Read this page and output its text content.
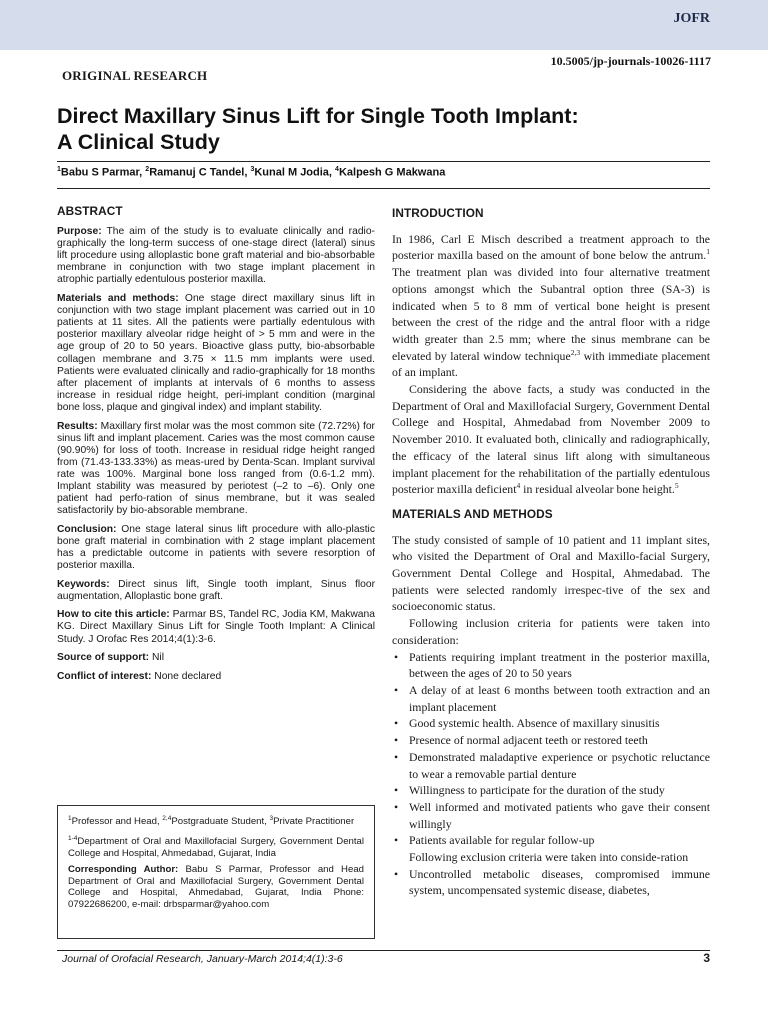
JOFR
10.5005/jp-journals-10026-1117
ORIGINAL RESEARCH
Direct Maxillary Sinus Lift for Single Tooth Implant:
A Clinical Study
$^1$Babu S Parmar, $^2$Ramanuj C Tandel, $^3$Kunal M Jodia, $^4$Kalpesh G Makwana
ABSTRACT

Purpose: The aim of the study is to evaluate clinically and radio-graphically the long-term success of one-stage direct (lateral) sinus lift procedure using alloplastic bone graft material and bio-absorbable membrane in conjunction with two stage implant placement in atrophic partially edentulous posterior maxilla.

Materials and methods: One stage direct maxillary sinus lift in conjunction with two stage implant placement was carried out in 10 patients at 11 sites. All the patients were partially edentulous with posterior maxillary alveolar ridge height of > 5 mm and were in the age group of 20 to 50 years. Bioactive glass putty, bio-absorbable collagen membrane and 3.75 × 11.5 mm implants were used. Patients were evaluated clinically and radio-graphically for 18 months after placement of implants at intervals of 6 months to assess increase in residual ridge height, peri-implant condition (marginal bone loss, plaque and gingival index) and implant stability.

Results: Maxillary first molar was the most common site (72.72%) for sinus lift and implant placement. Caries was the most common cause (90.90%) for loss of tooth. Increase in residual ridge height ranged from (71.43-133.33%) as meas-ured by Denta-Scan. Implant survival rate was 100%. Marginal bone loss ranged from (0.6-1.2 mm). Implant stability was measured by periotest (–2 to –6). Only one patient had perfo-ration of sinus membrane, but it was sealed satisfactorily by bio-absorable membrane.

Conclusion: One stage lateral sinus lift procedure with allo-plastic bone graft material in combination with 2 stage implant placement has a predictable outcome in patients with severe resorption of posterior maxilla.

Keywords: Direct sinus lift, Single tooth implant, Sinus floor augmentation, Alloplastic bone graft.

How to cite this article: Parmar BS, Tandel RC, Jodia KM, Makwana KG. Direct Maxillary Sinus Lift for Single Tooth Implant: A Clinical Study. J Orofac Res 2014;4(1):3-6.

Source of support: Nil

Conflict of interest: None declared

$^1$Professor and Head, $^{2,4}$Postgraduate Student, $^3$Private Practitioner

$^{1-4}$Department of Oral and Maxillofacial Surgery, Government Dental College and Hospital, Ahmedabad, Gujarat, India

Corresponding Author: Babu S Parmar, Professor and Head Department of Oral and Maxillofacial Surgery, Government Dental College and Hospital, Ahmedabad, Gujarat, India Phone: 07922686200, e-mail: drbsparmar@yahoo.com

INTRODUCTION

In 1986, Carl E Misch described a treatment approach to the posterior maxilla based on the amount of bone below the antrum.$^1$ The treatment plan was divided into four alternative treatment options amongst which the Subantral option three (SA-3) is indicated when 5 to 8 mm of vertical bone height is present between the crest of the ridge and the antral floor with a ridge width greater than 2.5 mm; where the sinus membrane can be elevated by lateral window technique$^{2,3}$ with immediate placement of an implant.

Considering the above facts, a study was conducted in the Department of Oral and Maxillofacial Surgery, Government Dental College and Hospital, Ahmedabad from November 2009 to November 2010. It evaluated both, clinically and radiographically, the efficacy of the lateral sinus lift along with simultaneous implant placement for the rehabilitation of the partially edentulous posterior maxilla deficient$^4$ in residual alveolar bone height.$^5$

MATERIALS AND METHODS

The study consisted of sample of 10 patient and 11 implant sites, who visited the Department of Oral and Maxillo-facial Surgery, Government Dental College and Hospital, Ahmedabad. The patients were selected randomly irrespec-tive of the sex and socioeconomic status.

Following inclusion criteria for patients were taken into consideration:

• Patients requiring implant treatment in the posterior maxilla, between the ages of 20 to 50 years
• A delay of at least 6 months between tooth extraction and an implant placement
• Good systemic health. Absence of maxillary sinusitis
• Presence of normal adjacent teeth or restored teeth
• Demonstrated maladaptive experience or psychotic reluctance to wear a removable partial denture
• Willingness to participate for the duration of the study
• Well informed and motivated patients who gave their consent willingly
• Patients available for regular follow-up

Following exclusion criteria were taken into conside-ration

• Uncontrolled metabolic diseases, compromised immune system, uncompensated systemic disease, diabetes,
Journal of Orofacial Research, January-March 2014;4(1):3-6	3
